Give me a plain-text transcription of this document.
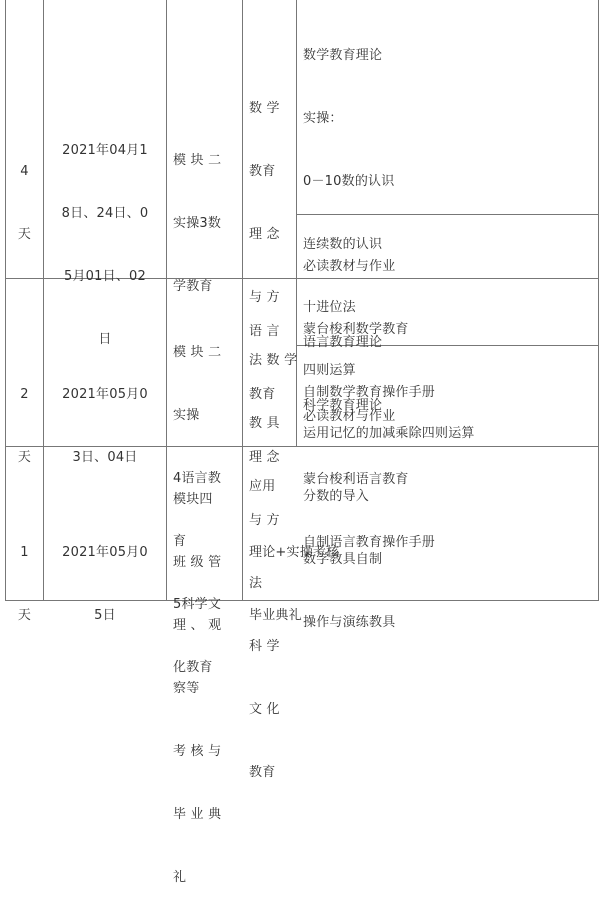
4

天

2021年04月1

8日、24日、0

5月01日、02

日

模 块 二

实操3数

学教育

数 学

教育

理 念

与 方

法 数 学

教 具

应用

数学教育理论

实操：

0－10数的认识

连续数的认识

十进位法

四则运算

运用记忆的加减乘除四则运算

分数的导入

数学教具自制

操作与演练教具

必读教材与作业

蒙台梭利数学教育

自制数学教育操作手册

2

天

2021年05月0

3日、04日

模 块 二

实操

4语言教

育

5科学文

化教育

语 言

教育

理 念

与 方

法

科 学

文 化

教育

语言教育理论

科学教育理论

必读教材与作业

蒙台梭利语言教育

自制语言教育操作手册

1

天

2021年05月0

5日

模块四

班 级 管

理 、 观

察等

考 核 与

毕 业 典

礼

理论+实操考核

毕业典礼
